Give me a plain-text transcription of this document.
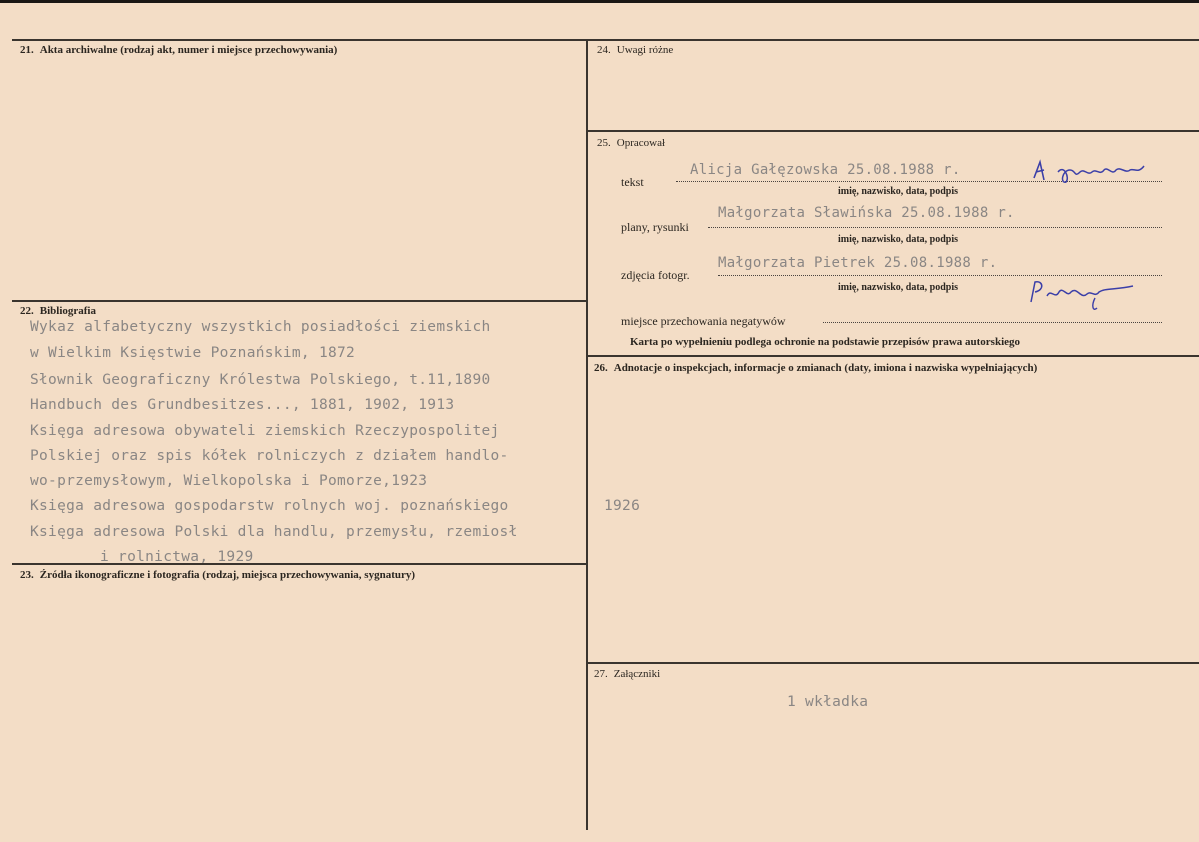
21. Akta archiwalne (rodzaj akt, numer i miejsce przechowywania)
22. Bibliografia
Wykaz alfabetyczny wszystkich posiadłości ziemskich
w Wielkim Księstwie Poznańskim, 1872
Słownik Geograficzny Królestwa Polskiego, t.11,1890
Handbuch des Grundbesitzes..., 1881, 1902, 1913
Księga adresowa obywateli ziemskich Rzeczypospolitej
Polskiej oraz spis kółek rolniczych z działem handlo-
wo-przemysłowym, Wielkopolska i Pomorze,1923
Księga adresowa gospodarstw rolnych woj. poznańskiego
Księga adresowa Polski dla handlu, przemysłu, rzemiosł
i rolnictwa, 1929
1926
23. Źródła ikonograficzne i fotografia (rodzaj, miejsca przechowywania, sygnatury)
24. Uwagi różne
25. Opracował
tekst
Alicja Gałęzowska 25.08.1988 r.
imię, nazwisko, data, podpis
plany, rysunki
Małgorzata Sławińska 25.08.1988 r.
imię, nazwisko, data, podpis
zdjęcia fotogr.
Małgorzata Pietrek 25.08.1988 r.
imię, nazwisko, data, podpis
miejsce przechowania negatywów
Karta po wypełnieniu podlega ochronie na podstawie przepisów prawa autorskiego
26. Adnotacje o inspekcjach, informacje o zmianach (daty, imiona i nazwiska wypełniających)
27. Załączniki
1 wkładka
